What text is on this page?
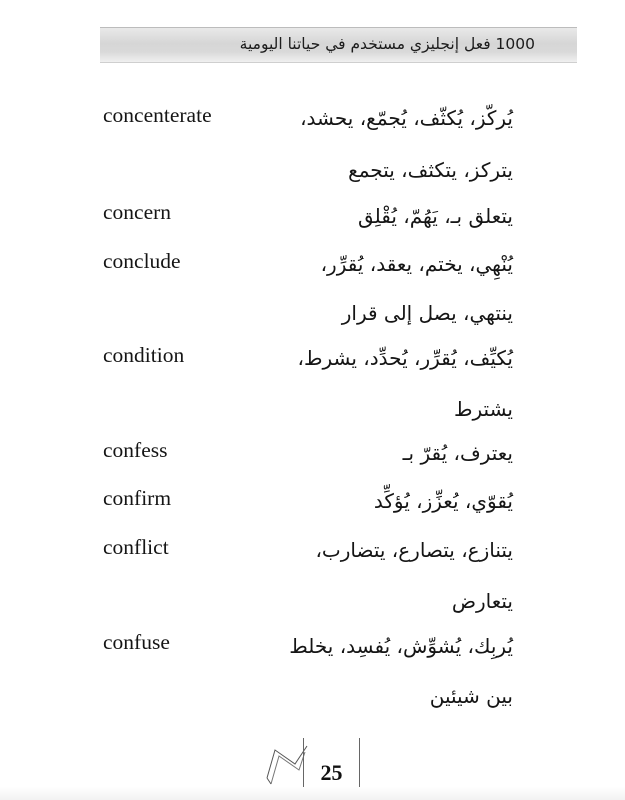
1000 فعل إنجليزي مستخدم في حياتنا اليومية
concenterate	يُركّز، يُكثّف، يُجمّع، يحشد،
يتركز، يتكثف، يتجمع
concern	يتعلق بـ، يَهُمّ، يُقْلِق
conclude	يُنْهِي، يختم، يعقد، يُقرِّر،
ينتهي، يصل إلى قرار
condition	يُكيِّف، يُقرِّر، يُحدِّد، يشرط،
يشترط
confess	يعترف، يُقرّ بـ
confirm	يُقوّي، يُعزِّز، يُؤكِّد
conflict	يتنازع، يتصارع، يتضارب،
يتعارض
confuse	يُربِك، يُشوِّش، يُفسِد، يخلط
بين شيئين
25
